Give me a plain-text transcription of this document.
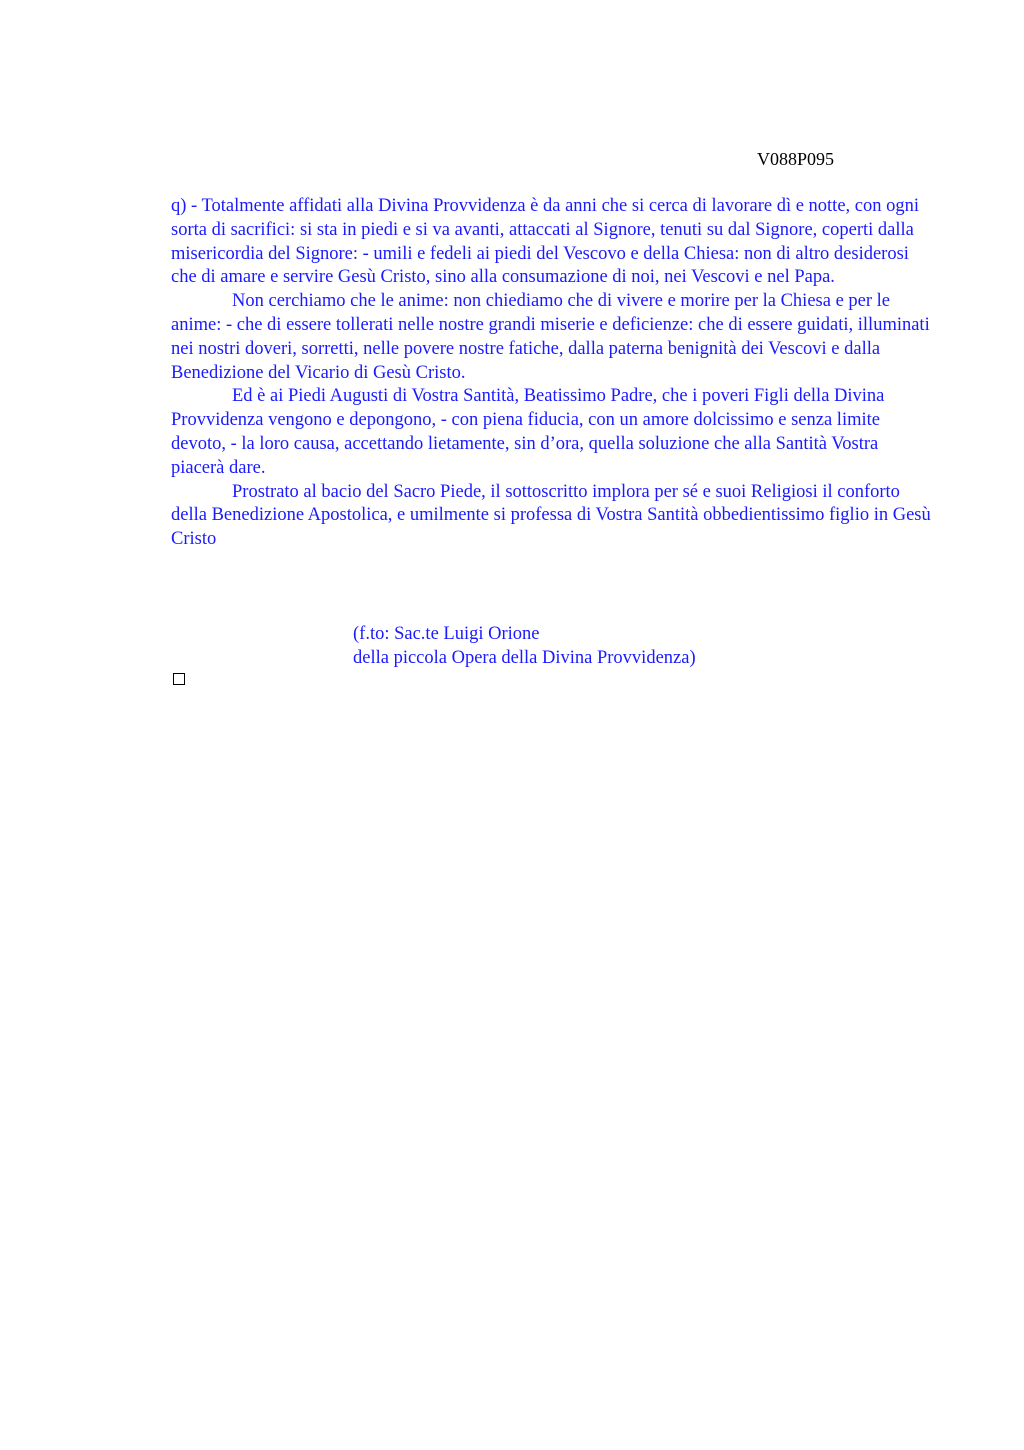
V088P095

q) - Totalmente affidati alla Divina Provvidenza è da anni che si cerca di lavorare dì e notte, con ogni sorta di sacrifici: si sta in piedi e si va avanti, attaccati al Signore, tenuti su dal Signore, coperti dalla misericordia del Signore: - umili e fedeli ai piedi del Vescovo e della Chiesa: non di altro desiderosi che di amare e servire Gesù Cristo, sino alla consumazione di noi, nei Vescovi e nel Papa.

Non cerchiamo che le anime: non chiediamo che di vivere e morire per la Chiesa e per le anime: - che di essere tollerati nelle nostre grandi miserie e deficienze: che di essere guidati, illuminati nei nostri doveri, sorretti, nelle povere nostre fatiche, dalla paterna benignità dei Vescovi e dalla Benedizione del Vicario di Gesù Cristo.

Ed è ai Piedi Augusti di Vostra Santità, Beatissimo Padre, che i poveri Figli della Divina Provvidenza vengono e depongono, - con piena fiducia, con un amore dolcissimo e senza limite devoto, - la loro causa, accettando lietamente, sin d’ora, quella soluzione che alla Santità Vostra piacerà dare.

Prostrato al bacio del Sacro Piede, il sottoscritto implora per sé e suoi Religiosi il conforto della Benedizione Apostolica, e umilmente si professa di Vostra Santità obbedientissimo figlio in Gesù Cristo

(f.to: Sac.te Luigi Orione
della piccola Opera della Divina Provvidenza)
